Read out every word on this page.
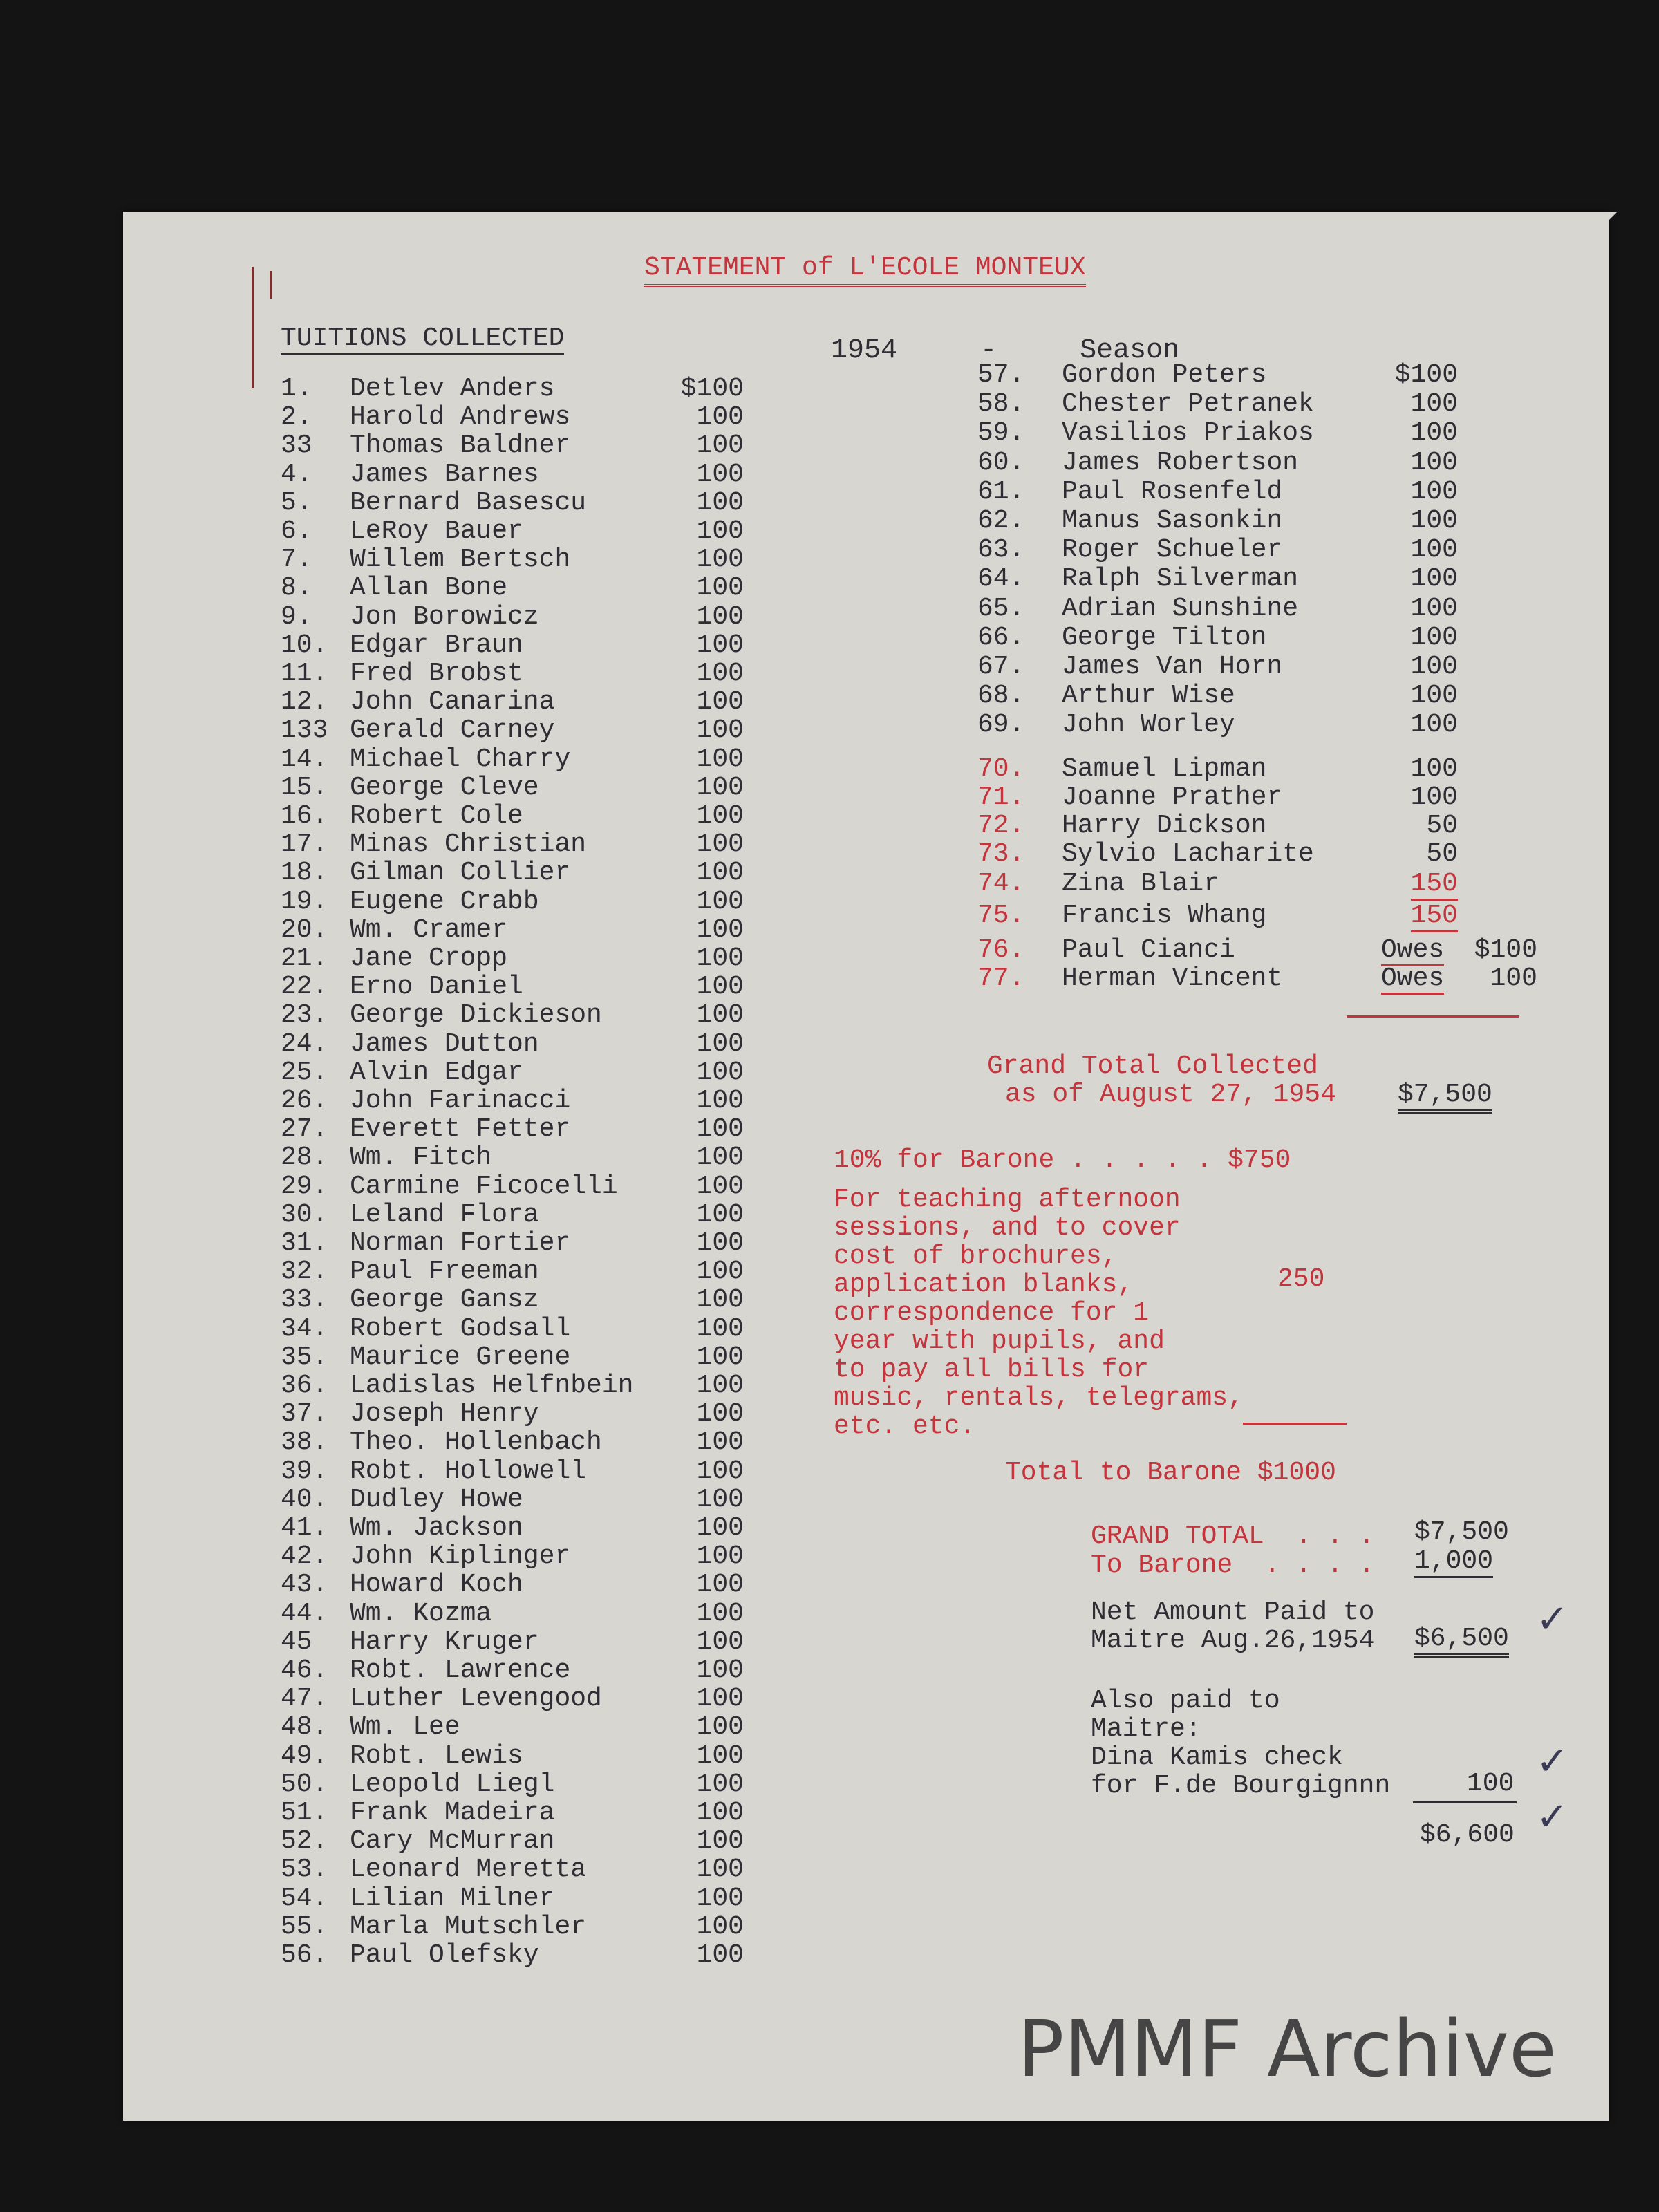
STATEMENT of L'ECOLE MONTEUX

1954	-	Season

TUITIONS COLLECTED
1.	Detlev Anders	$100
2.	Harold Andrews	100
33	Thomas Baldner	100
4.	James Barnes	100
5.	Bernard Basescu	100
6.	LeRoy Bauer	100
7.	Willem Bertsch	100
8.	Allan Bone	100
9.	Jon Borowicz	100
10. Edgar Braun	100
11. Fred Brobst	100
12. John Canarina	100
133 Gerald Carney	100
14. Michael Charry	100
15. George Cleve	100
16. Robert Cole	100
17. Minas Christian	100
18. Gilman Collier	100
19. Eugene Crabb	100
20. Wm. Cramer	100
21. Jane Cropp	100
22. Erno Daniel	100
23. George Dickieson	100
24. James Dutton	100
25. Alvin Edgar	100
26. John Farinacci	100
27. Everett Fetter	100
28. Wm. Fitch	100
29. Carmine Ficocelli	100
30. Leland Flora	100
31. Norman Fortier	100
32. Paul Freeman	100
33. George Gansz	100
34. Robert Godsall	100
35. Maurice Greene	100
36. Ladislas Helfnbein	100
37. Joseph Henry	100
38. Theo. Hollenbach	100
39. Robt. Hollowell	100
40. Dudley Howe	100
41. Wm. Jackson	100
42. John Kiplinger	100
43. Howard Koch	100
44. Wm. Kozma	100
45	Harry Kruger	100
46. Robt. Lawrence	100
47. Luther Levengood	100
48. Wm. Lee	100
49. Robt. Lewis	100
50. Leopold Liegl	100
51. Frank Madeira	100
52. Cary McMurran	100
53. Leonard Meretta	100
54. Lilian Milner	100
55. Marla Mutschler	100
56. Paul Olefsky	100
57.	Gordon Peters	$100
58.	Chester Petranek	100
59.	Vasilios Priakos	100
60.	James Robertson	100
61.	Paul Rosenfeld	100
62.	Manus Sasonkin	100
63.	Roger Schueler	100
64.	Ralph Silverman	100
65.	Adrian Sunshine	100
66.	George Tilton	100
67.	James Van Horn	100
68.	Arthur Wise	100
69.	John Worley	100
70.	Samuel Lipman	100
71.	Joanne Prather	100
72.	Harry Dickson	50
73.	Sylvio Lacharite	50
74.	Zina Blair	150
75.	Francis Whang	150
76.	Paul Cianci	Owes	$100
77.	Herman Vincent	Owes	100
Grand Total Collected
as of August 27, 1954 $7,500
10% for Barone . . . . . $750
For teaching afternoon
sessions, and to cover
cost of brochures,
application blanks,
correspondence for 1
year with pupils, and
to pay all bills for
music, rentals, telegrams,
etc. etc.
250
Total to Barone $1000
GRAND TOTAL  . . . $7,500
To Barone  . . . . 1,000
Net Amount Paid to
Maitre Aug.26,1954 $6,500 ✓
Also paid to
Maitre:
Dina Kamis check
for F.de Bourgignnn	100 ✓
$6,600 ✓
PMMF Archive
